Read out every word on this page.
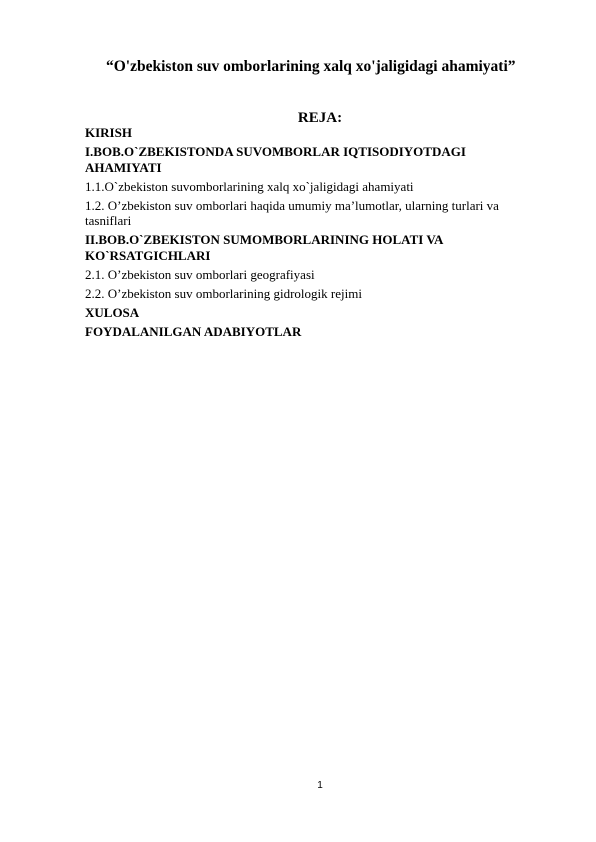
“O'zbekiston suv omborlarining xalq xo'jaligidagi ahamiyati”
REJA:
KIRISH
I.BOB.O`ZBEKISTONDA SUVOMBORLAR IQTISODIYOTDAGI AHAMIYATI
1.1.O`zbekiston suvomborlarining xalq xo`jaligidagi ahamiyati
1.2. O’zbekiston suv omborlari haqida umumiy ma’lumotlar, ularning turlari va tasniflari
II.BOB.O`ZBEKISTON SUMOMBORLARINING HOLATI VA KO`RSATGICHLARI
2.1. O’zbekiston suv omborlari geografiyasi
2.2. O’zbekiston suv omborlarining gidrologik rejimi
XULOSA
FOYDALANILGAN ADABIYOTLAR
1
